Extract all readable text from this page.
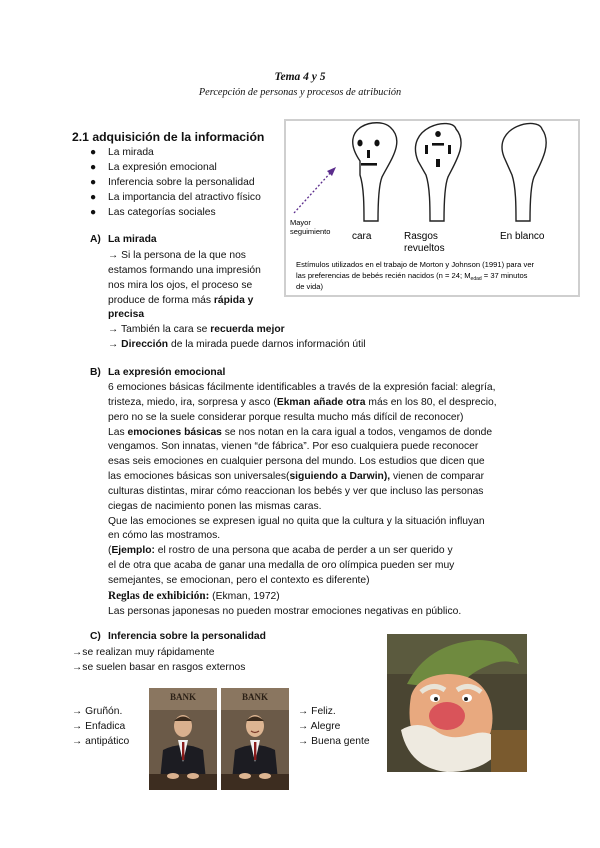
Tema 4 y 5
Percepción de personas y procesos de atribución
2.1 adquisición de la información
● La mirada
● La expresión emocional
● Inferencia sobre la personalidad
● La importancia del atractivo físico
● Las categorías sociales
Mayor
seguimiento cara	Rasgos
revueltos
En blanco
Estímulos utilizados en el trabajo de Morton y Johnson (1991) para ver
las preferencias de bebés recién nacidos (n = 24; $M_{edad} = 37$ minutos
de vida)
A) La mirada
→ Si la persona de la que nos
estamos formando una impresión
nos mira los ojos, el proceso se
produce de forma más rápida y
precisa
→ También la cara se recuerda mejor
→ Dirección de la mirada puede darnos información útil
B) La expresión emocional
6 emociones básicas fácilmente identificables a través de la expresión facial: alegría,
tristeza, miedo, ira, sorpresa y asco (Ekman añade otra más en los 80, el desprecio,
pero no se la suele considerar porque resulta mucho más difícil de reconocer)
Las emociones básicas se nos notan en la cara igual a todos, vengamos de donde
vengamos. Son innatas, vienen “de fábrica”. Por eso cualquiera puede reconocer
esas seis emociones en cualquier persona del mundo. Los estudios que dicen que
las emociones básicas son universales(siguiendo a Darwin), vienen de comparar
culturas distintas, mirar cómo reaccionan los bebés y ver que incluso las personas
ciegas de nacimiento ponen las mismas caras.
Que las emociones se expresen igual no quita que la cultura y la situación influyan
en cómo las mostramos.
(Ejemplo: el rostro de una persona que acaba de perder a un ser querido y
el de otra que acaba de ganar una medalla de oro olímpica pueden ser muy
semejantes, se emocionan, pero el contexto es diferente)
Reglas de exhibición: (Ekman, 1972)
Las personas japonesas no pueden mostrar emociones negativas en público.
C) Inferencia sobre la personalidad
→se realizan muy rápidamente
→se suelen basar en rasgos externos
→ Gruñón.
→ Enfadica
→ antipático
→ Feliz.
→ Alegre
→ Buena gente
BANK	BANK
